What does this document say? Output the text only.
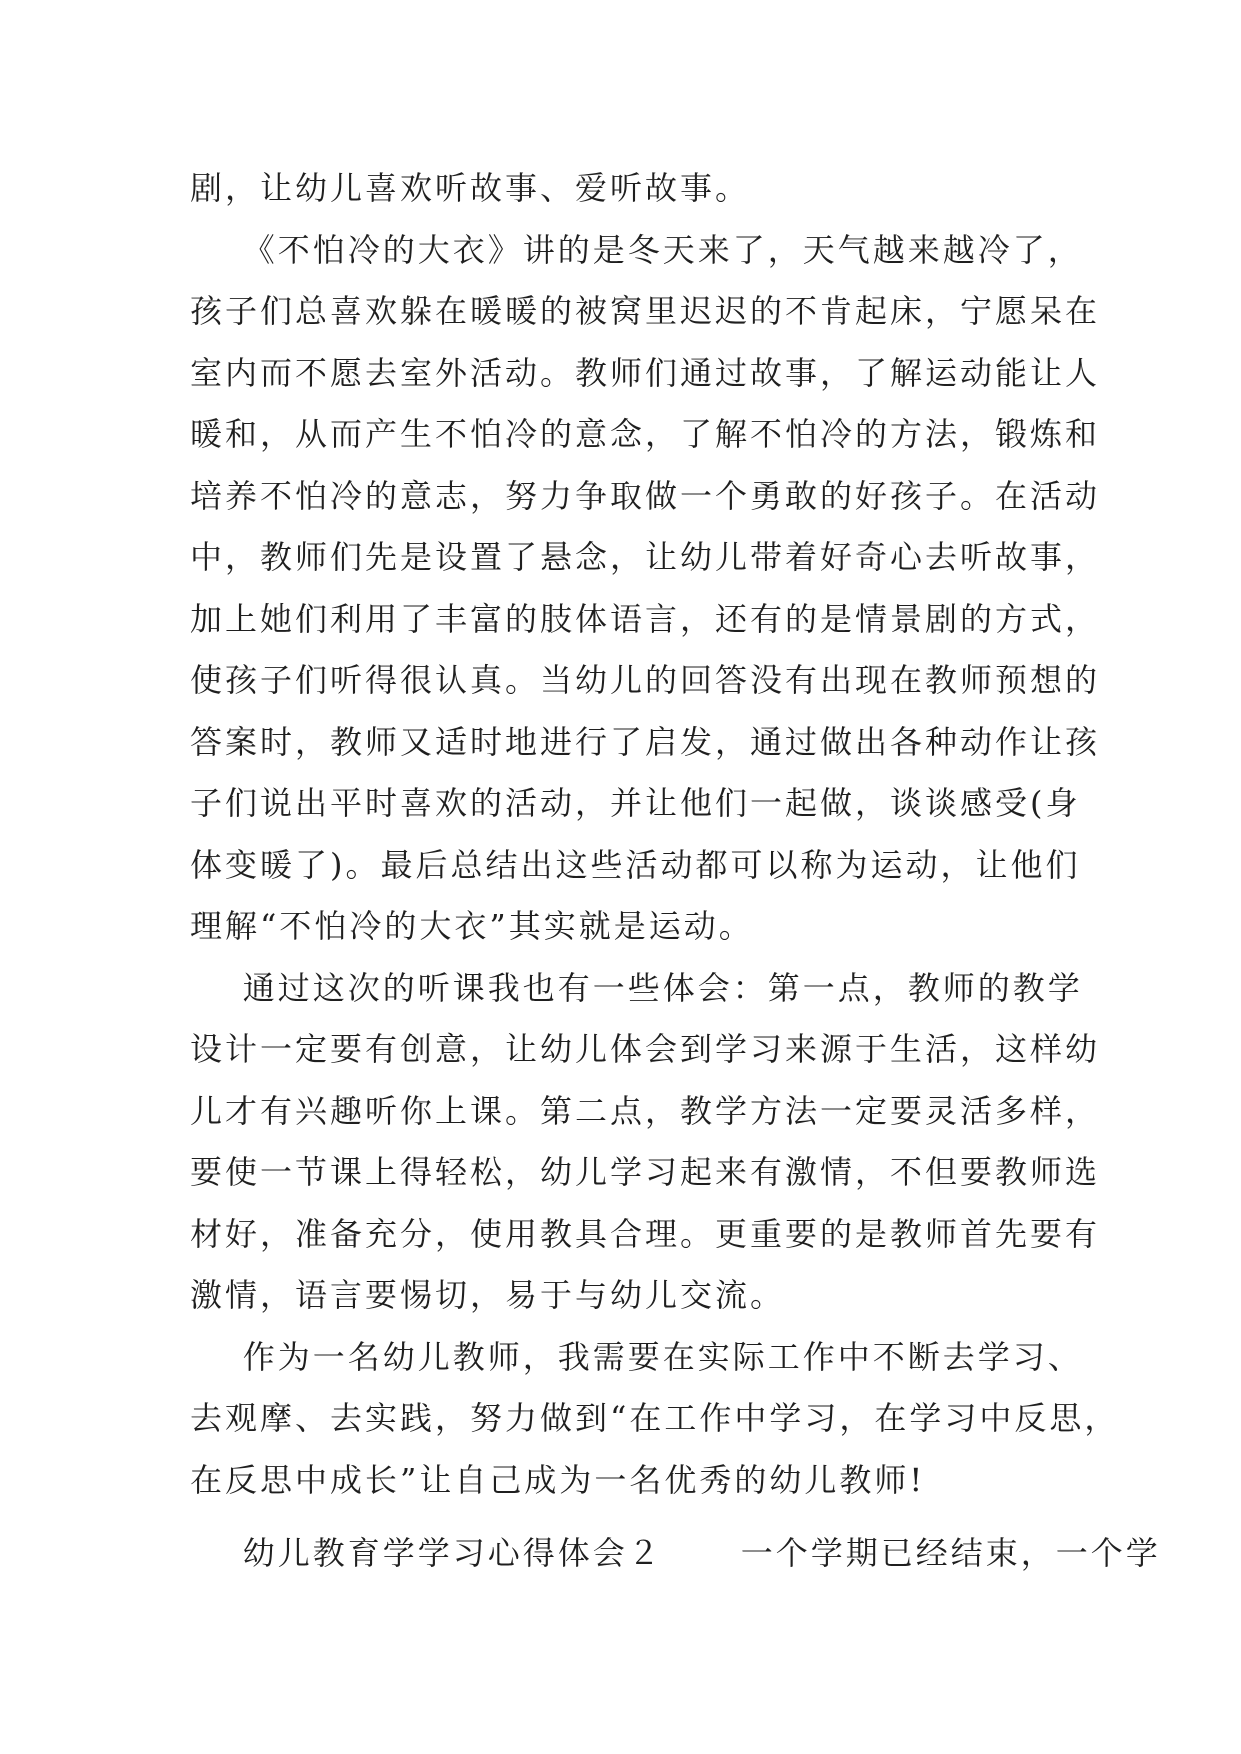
剧，让幼儿喜欢听故事、爱听故事。
《不怕冷的大衣》讲的是冬天来了，天气越来越冷了，
孩子们总喜欢躲在暖暖的被窝里迟迟的不肯起床，宁愿呆在
室内而不愿去室外活动。教师们通过故事，了解运动能让人
暖和，从而产生不怕冷的意念，了解不怕冷的方法，锻炼和
培养不怕冷的意志，努力争取做一个勇敢的好孩子。在活动
中，教师们先是设置了悬念，让幼儿带着好奇心去听故事，
加上她们利用了丰富的肢体语言，还有的是情景剧的方式，
使孩子们听得很认真。当幼儿的回答没有出现在教师预想的
答案时，教师又适时地进行了启发，通过做出各种动作让孩
子们说出平时喜欢的活动，并让他们一起做，谈谈感受(身
体变暖了)。最后总结出这些活动都可以称为运动，让他们
理解“不怕冷的大衣”其实就是运动。
通过这次的听课我也有一些体会：第一点，教师的教学
设计一定要有创意，让幼儿体会到学习来源于生活，这样幼
儿才有兴趣听你上课。第二点，教学方法一定要灵活多样，
要使一节课上得轻松，幼儿学习起来有激情，不但要教师选
材好，准备充分，使用教具合理。更重要的是教师首先要有
激情，语言要惕切，易于与幼儿交流。
作为一名幼儿教师，我需要在实际工作中不断去学习、
去观摩、去实践，努力做到“在工作中学习，在学习中反思，
在反思中成长”让自己成为一名优秀的幼儿教师!

幼儿教育学学习心得体会２ 一个学期已经结束，一个学
